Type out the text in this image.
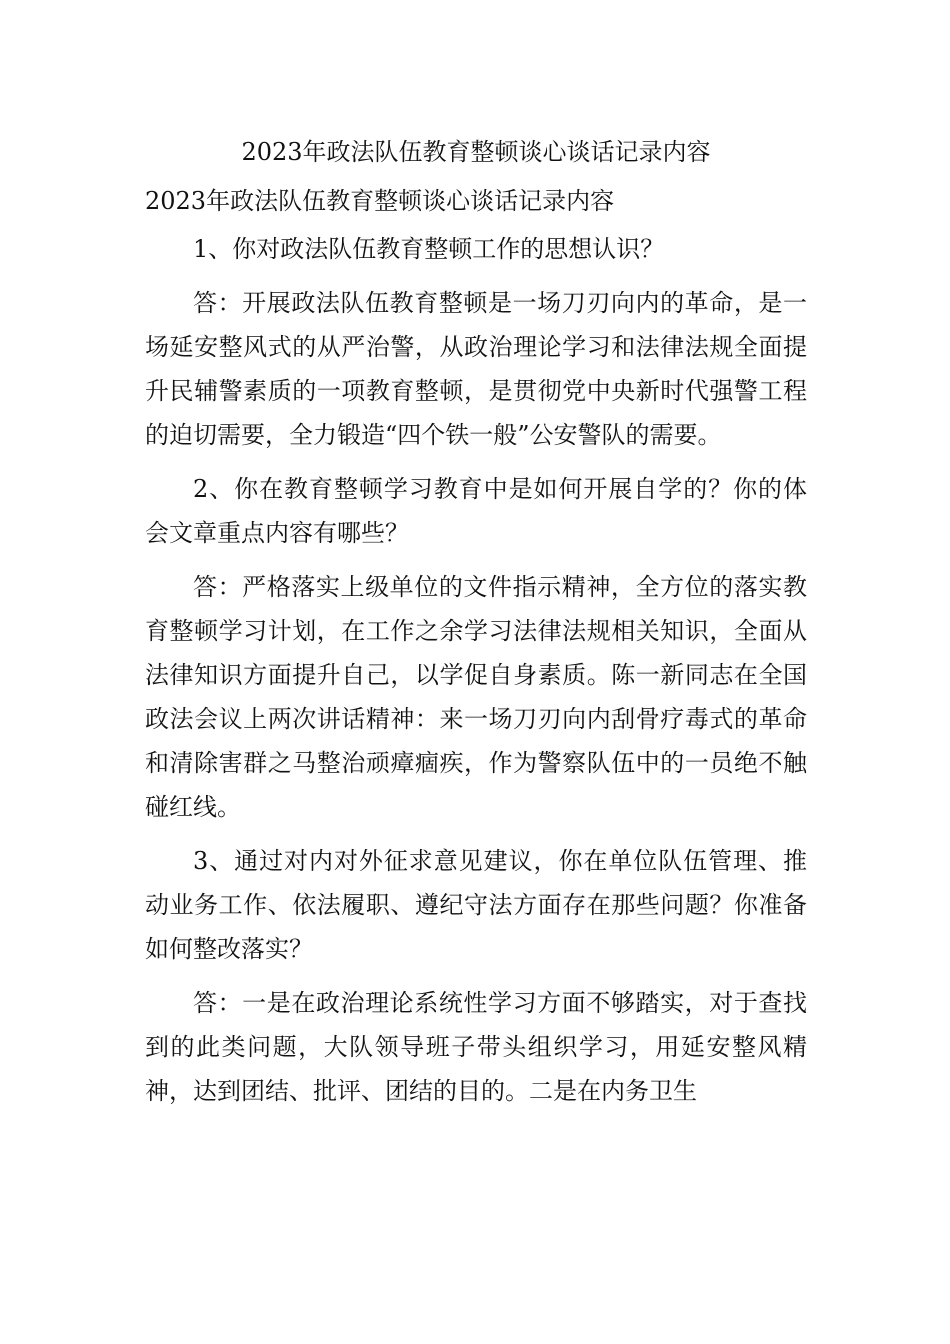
2023年政法队伍教育整顿谈心谈话记录内容

2023年政法队伍教育整顿谈心谈话记录内容

1、你对政法队伍教育整顿工作的思想认识？

答：开展政法队伍教育整顿是一场刀刃向内的革命，是一场延安整风式的从严治警，从政治理论学习和法律法规全面提升民辅警素质的一项教育整顿，是贯彻党中央新时代强警工程的迫切需要，全力锻造“四个铁一般”公安警队的需要。

2、你在教育整顿学习教育中是如何开展自学的？你的体会文章重点内容有哪些？

答：严格落实上级单位的文件指示精神，全方位的落实教育整顿学习计划，在工作之余学习法律法规相关知识，全面从法律知识方面提升自己，以学促自身素质。陈一新同志在全国政法会议上两次讲话精神：来一场刀刃向内刮骨疗毒式的革命和清除害群之马整治顽瘴痼疾，作为警察队伍中的一员绝不触碰红线。

3、通过对内对外征求意见建议，你在单位队伍管理、推动业务工作、依法履职、遵纪守法方面存在那些问题？你准备如何整改落实？

答：一是在政治理论系统性学习方面不够踏实，对于查找到的此类问题，大队领导班子带头组织学习，用延安整风精神，达到团结、批评、团结的目的。二是在内务卫生
